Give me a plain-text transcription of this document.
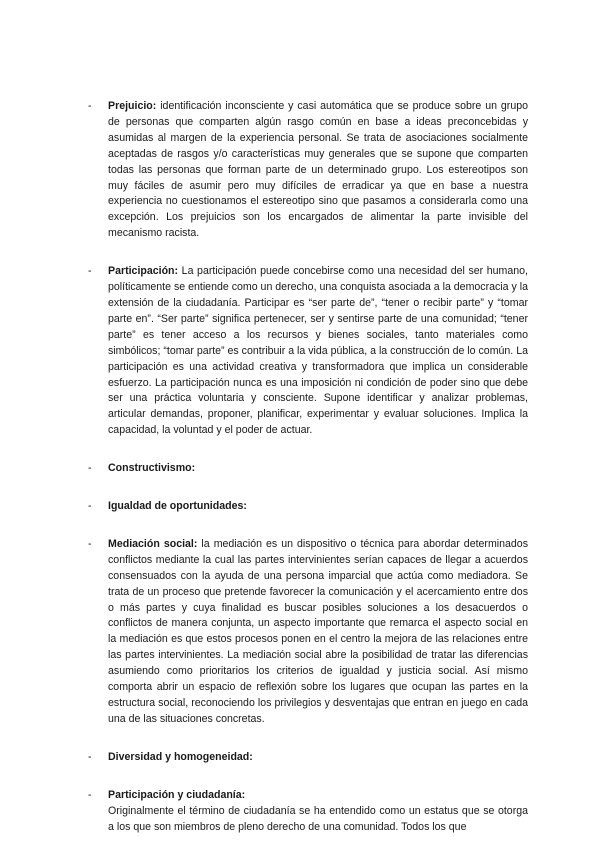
- Prejuicio: identificación inconsciente y casi automática que se produce sobre un grupo de personas que comparten algún rasgo común en base a ideas preconcebidas y asumidas al margen de la experiencia personal. Se trata de asociaciones socialmente aceptadas de rasgos y/o características muy generales que se supone que comparten todas las personas que forman parte de un determinado grupo. Los estereotipos son muy fáciles de asumir pero muy difíciles de erradicar ya que en base a nuestra experiencia no cuestionamos el estereotipo sino que pasamos a considerarla como una excepción. Los prejuicios son los encargados de alimentar la parte invisible del mecanismo racista.
- Participación: La participación puede concebirse como una necesidad del ser humano, políticamente se entiende como un derecho, una conquista asociada a la democracia y la extensión de la ciudadanía. Participar es “ser parte de”, “tener o recibir parte” y “tomar parte en”. “Ser parte” significa pertenecer, ser y sentirse parte de una comunidad; “tener parte” es tener acceso a los recursos y bienes sociales, tanto materiales como simbólicos; “tomar parte” es contribuir a la vida pública, a la construcción de lo común. La participación es una actividad creativa y transformadora que implica un considerable esfuerzo. La participación nunca es una imposición ni condición de poder sino que debe ser una práctica voluntaria y consciente. Supone identificar y analizar problemas, articular demandas, proponer, planificar, experimentar y evaluar soluciones. Implica la capacidad, la voluntad y el poder de actuar.
- Constructivismo:
- Igualdad de oportunidades:
- Mediación social: la mediación es un dispositivo o técnica para abordar determinados conflictos mediante la cual las partes intervinientes serían capaces de llegar a acuerdos consensuados con la ayuda de una persona imparcial que actúa como mediadora. Se trata de un proceso que pretende favorecer la comunicación y el acercamiento entre dos o más partes y cuya finalidad es buscar posibles soluciones a los desacuerdos o conflictos de manera conjunta, un aspecto importante que remarca el aspecto social en la mediación es que estos procesos ponen en el centro la mejora de las relaciones entre las partes intervinientes. La mediación social abre la posibilidad de tratar las diferencias asumiendo como prioritarios los criterios de igualdad y justicia social. Así mismo comporta abrir un espacio de reflexión sobre los lugares que ocupan las partes en la estructura social, reconociendo los privilegios y desventajas que entran en juego en cada una de las situaciones concretas.
- Diversidad y homogeneidad:
- Participación y ciudadanía:
Originalmente el término de ciudadanía se ha entendido como un estatus que se otorga a los que son miembros de pleno derecho de una comunidad. Todos los que
